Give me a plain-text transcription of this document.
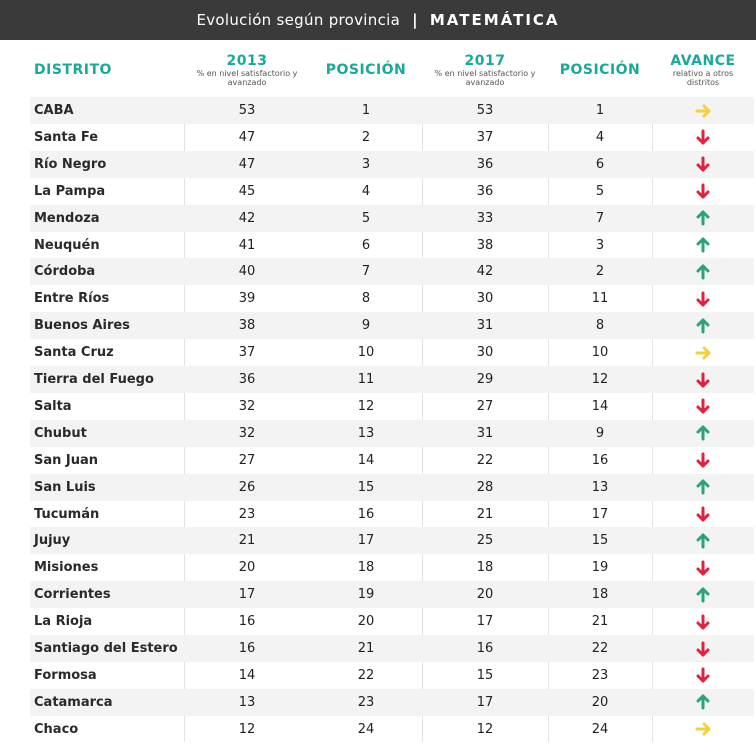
Evolución según provincia | MATEMÁTICA
DISTRITO
2013
% en nivel satisfactorio y avanzado
POSICIÓN
2017
% en nivel satisfactorio y avanzado
POSICIÓN
AVANCE
relativo a otros distritos
CABA	53	1	53	1
Santa Fe	47	2	37	4
Río Negro	47	3	36	6
La Pampa	45	4	36	5
Mendoza	42	5	33	7
Neuquén	41	6	38	3
Córdoba	40	7	42	2
Entre Ríos	39	8	30	11
Buenos Aires	38	9	31	8
Santa Cruz	37	10	30	10
Tierra del Fuego	36	11	29	12
Salta	32	12	27	14
Chubut	32	13	31	9
San Juan	27	14	22	16
San Luis	26	15	28	13
Tucumán	23	16	21	17
Jujuy	21	17	25	15
Misiones	20	18	18	19
Corrientes	17	19	20	18
La Rioja	16	20	17	21
Santiago del Estero	16	21	16	22
Formosa	14	22	15	23
Catamarca	13	23	17	20
Chaco	12	24	12	24
